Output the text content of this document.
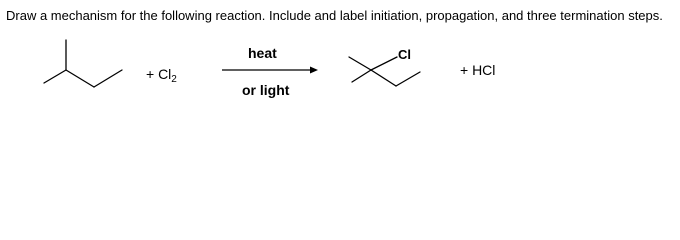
Draw a mechanism for the following reaction. Include and label initiation, propagation, and three termination steps.
+ $Cl_2$
heat
or light
Cl
+ HCl
